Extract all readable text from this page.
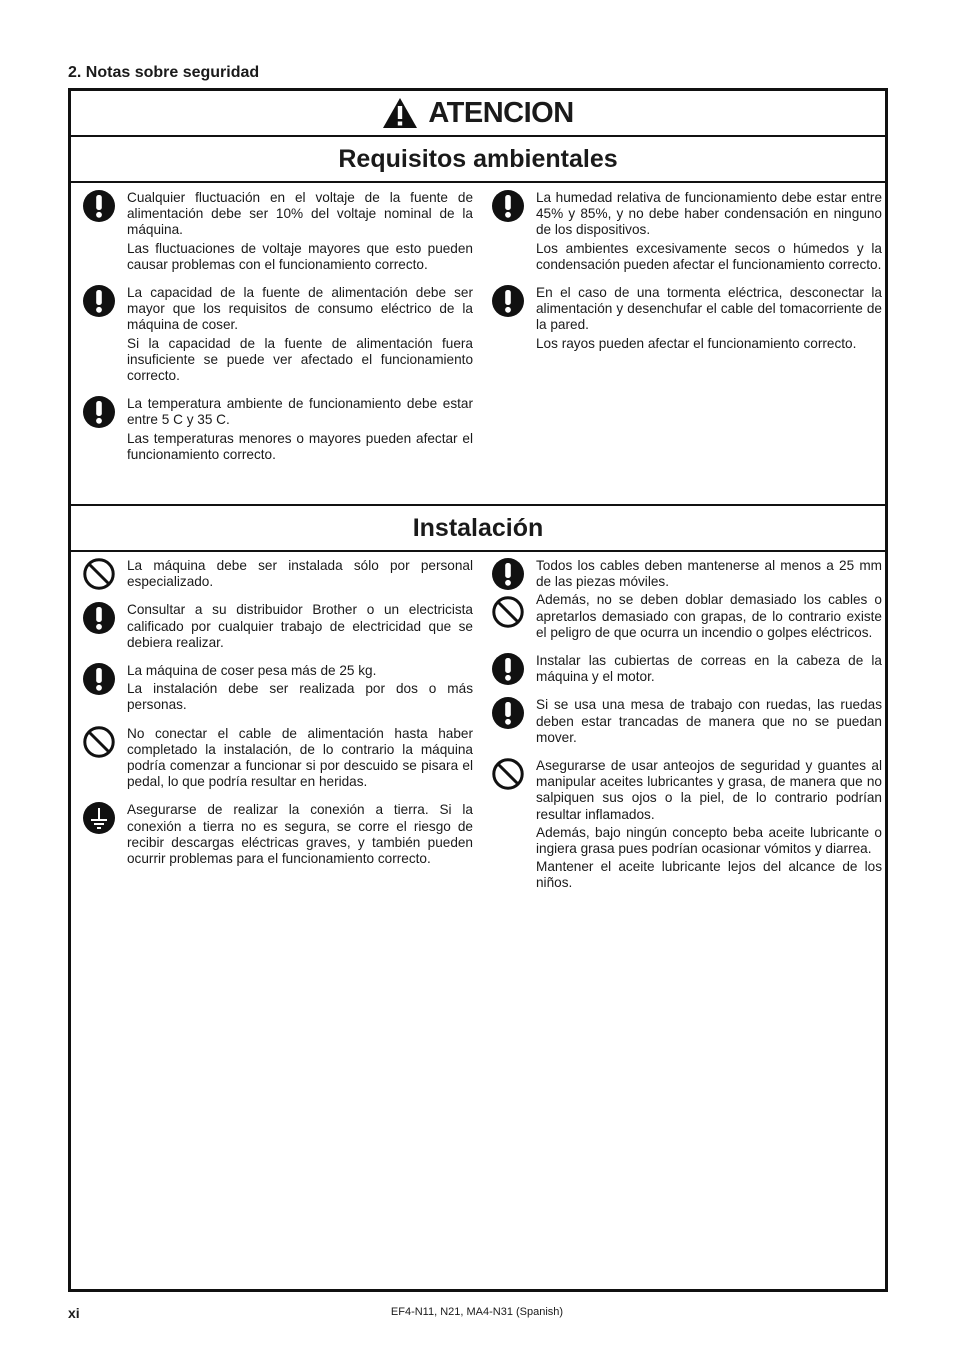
2. Notas sobre seguridad
ATENCION
Requisitos ambientales

Cualquier fluctuación en el voltaje de la fuente de alimentación debe ser 10% del voltaje nominal de la máquina.

Las fluctuaciones de voltaje mayores que esto pueden causar problemas con el funcionamiento correcto.

La capacidad de la fuente de alimentación debe ser mayor que los requisitos de consumo eléctrico de la máquina de coser.

Si la capacidad de la fuente de alimentación fuera insuficiente se puede ver afectado el funcionamiento correcto.

La temperatura ambiente de funcionamiento debe estar entre 5 C y 35 C.

Las temperaturas menores o mayores pueden afectar el funcionamiento correcto.

La humedad relativa de funcionamiento debe estar entre 45% y 85%, y no debe haber condensación en ninguno de los dispositivos.

Los ambientes excesivamente secos o húmedos y la condensación pueden afectar el funcionamiento correcto.

En el caso de una tormenta eléctrica, desconectar la alimentación y desenchufar el cable del tomacorriente de la pared.

Los rayos pueden afectar el funcionamiento correcto.

Instalación

La máquina debe ser instalada sólo por personal especializado.

Consultar a su distribuidor Brother o un electricista calificado por cualquier trabajo de electricidad que se debiera realizar.

La máquina de coser pesa más de 25 kg.

La instalación debe ser realizada por dos o más personas.

No conectar el cable de alimentación hasta haber completado la instalación, de lo contrario la máquina podría comenzar a funcionar si por descuido se pisara el pedal, lo que podría resultar en heridas.

Asegurarse de realizar la conexión a tierra. Si la conexión a tierra no es segura, se corre el riesgo de recibir descargas eléctricas graves, y también pueden ocurrir problemas para el funcionamiento correcto.

Todos los cables deben mantenerse al menos a 25 mm de las piezas móviles.

Además, no se deben doblar demasiado los cables o apretarlos demasiado con grapas, de lo contrario existe el peligro de que ocurra un incendio o golpes eléctricos.

Instalar las cubiertas de correas en la cabeza de la máquina y el motor.

Si se usa una mesa de trabajo con ruedas, las ruedas deben estar trancadas de manera que no se puedan mover.

Asegurarse de usar anteojos de seguridad y guantes al manipular aceites lubricantes y grasa, de manera que no salpiquen sus ojos o la piel, de lo contrario podrían resultar inflamados.

Además, bajo ningún concepto beba aceite lubricante o ingiera grasa pues podrían ocasionar vómitos y diarrea.

Mantener el aceite lubricante lejos del alcance de los niños.

xi	EF4-N11, N21, MA4-N31 (Spanish)
